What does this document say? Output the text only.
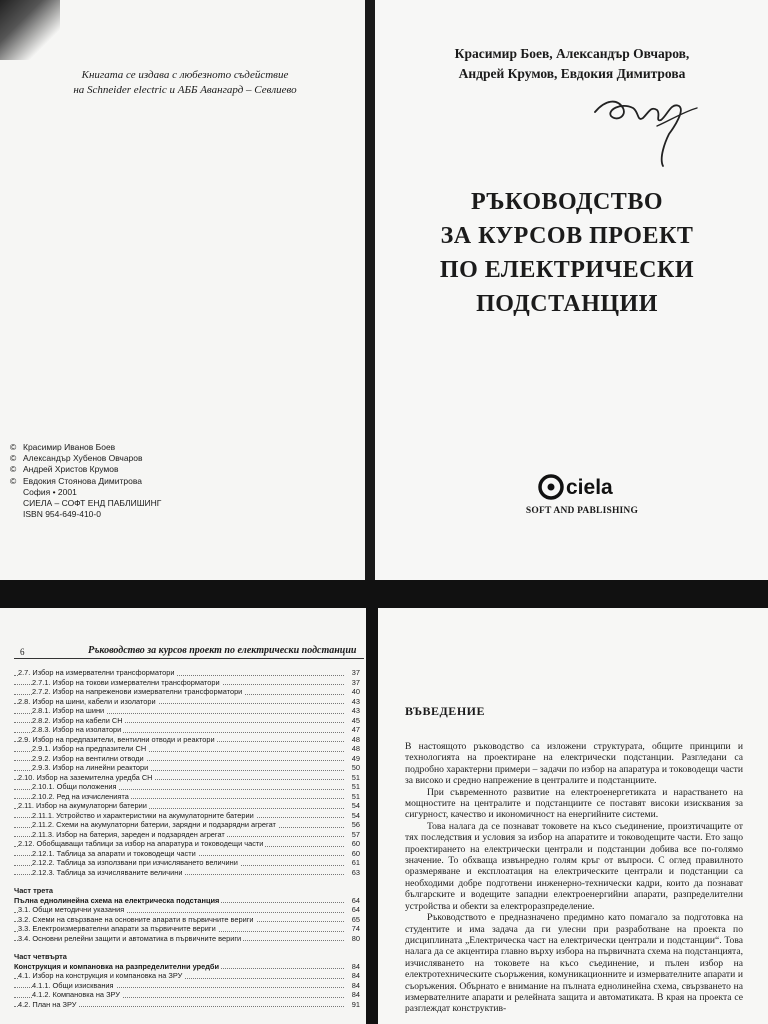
Книгата се издава с любезното съдействие
на Schneider electric и АББ Авангард – Севлиево
© Красимир Иванов Боев
© Александър Хубенов Овчаров
© Андрей Христов Крумов
© Евдокия Стоянова Димитрова
София • 2001
СИЕЛА – СОФТ ЕНД ПАБЛИШИНГ
ISBN 954-649-410-0
Красимир Боев, Александър Овчаров,
Андрей Крумов, Евдокия Димитрова
РЪКОВОДСТВО
ЗА КУРСОВ ПРОЕКТ
ПО ЕЛЕКТРИЧЕСКИ
ПОДСТАНЦИИ
ciela
SOFT AND PABLISHING
6	Ръководство за курсов проект по електрически подстанции
2.7. Избор на измервателни трансформатори	37
2.7.1. Избор на токови измервателни трансформатори	37
2.7.2. Избор на напреженови измервателни трансформатори	40
2.8. Избор на шини, кабели и изолатори	43
2.8.1. Избор на шини	43
2.8.2. Избор на кабели СН	45
2.8.3. Избор на изолатори	47
2.9. Избор на предпазители, вентилни отводи и реактори	48
2.9.1. Избор на предпазители СН	48
2.9.2. Избор на вентилни отводи	49
2.9.3. Избор на линейни реактори	50
2.10. Избор на заземителна уредба СН	51
2.10.1. Общи положения	51
2.10.2. Ред на изчисленията	51
2.11. Избор на акумулаторни батерии	54
2.11.1. Устройство и характеристики на акумулаторните батерии	54
2.11.2. Схеми на акумулаторни батерии, зарядни и подзарядни агрегат	56
2.11.3. Избор на батерия, зареден и подзаряден агрегат	57
2.12. Обобщаващи таблици за избор на апаратура и тоководещи части	60
2.12.1. Таблица за апарати и тоководещи части	60
2.12.2. Таблица за използвани при изчисляването величини	61
2.12.3. Таблица за изчисляваните величини	63
Част трета
Пълна еднолинейна схема на електрическа подстанция	64
3.1. Общи методични указания	64
3.2. Схеми на свързване на основните апарати в първичните вериги	65
3.3. Електроизмервателни апарати за първичните вериги	74
3.4. Основни релейни защити и автоматика в първичните вериги	80
Част четвърта
Конструкция и компановка на разпределителни уредби	84
4.1. Избор на конструкция и компановка на ЗРУ	84
4.1.1. Общи изисквания	84
4.1.2. Компановка на ЗРУ	84
4.2. План на ЗРУ	91
ВЪВЕДЕНИЕ

В настоящото ръководство са изложени структурата, общите принципи и технологията на проектиране на електрически подстанции. Разгледани са подробно характерни примери – задачи по избор на апаратура и тоководещи части за високо и средно напрежение в централите и подстанциите.

При съвременното развитие на електроенергетиката и нарастването на мощностите на централите и подстанциите се поставят високи изисквания за сигурност, качество и икономичност на енергийните системи.

Това налага да се познават токовете на късо съединение, произтичащите от тях последствия и условия за избор на апаратите и тоководещите части. Ето защо проектирането на електрически централи и подстанции добива все по-голямо значение. То обхваща извънредно голям кръг от въпроси. С оглед правилното оразмеряване и експлоатация на електрическите централи и подстанции са необходими добре подготвени инженерно-технически кадри, които да познават българските и водещите западни електроенергийни апарати, разпределителни устройства и обекти за електроразпределение.

Ръководството е предназначено предимно като помагало за подготовка на студентите и има задача да ги улесни при разработване на проекта по дисциплината „Електрическа част на електрически централи и подстанции“. Това налага да се акцентира главно върху избора на първичната схема на подстанцията, изчисляването на токовете на късо съединение, и пълен избор на електротехническите съоръжения, комуникационните и измервателните апарати и съоръжения. Обърнато е внимание на пълната еднолинейна схема, свързването на измервателните апарати и релейната защита и автоматиката. В края на проекта се разглеждат конструктив-
